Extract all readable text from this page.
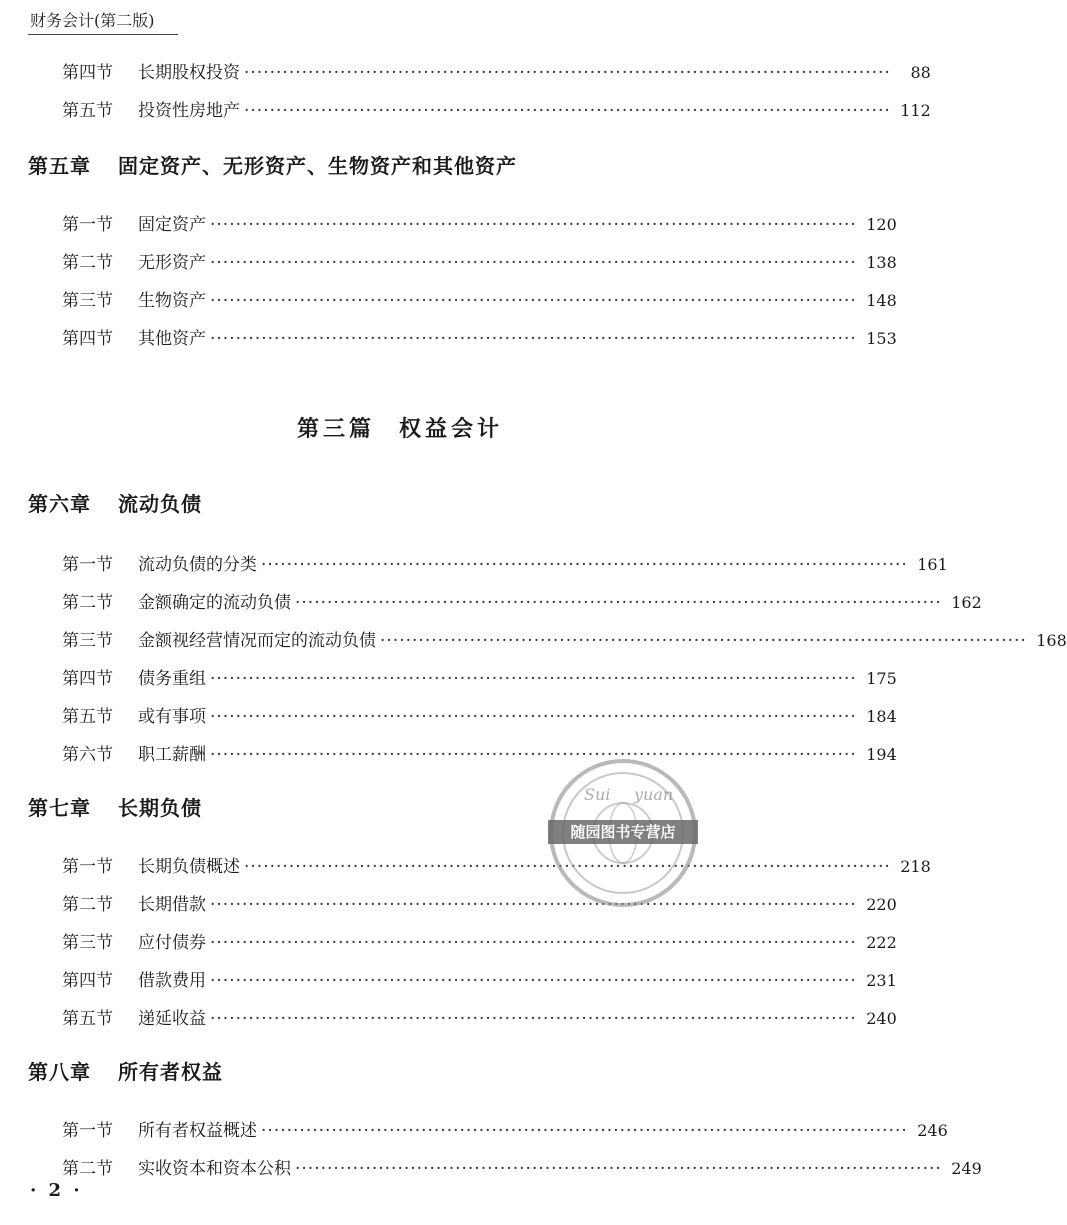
财务会计(第二版)
第四节	长期股权投资 ·····································································································	88
第五节	投资性房地产 ····································································································· 112
第五章 固定资产、无形资产、生物资产和其他资产
第一节	固定资产 ····································································································· 120
第二节	无形资产 ····································································································· 138
第三节	生物资产 ····································································································· 148
第四节	其他资产 ····································································································· 153
第三篇 权益会计
第六章 流动负债
第一节	流动负债的分类 ····································································································· 161
第二节	金额确定的流动负债 ····································································································· 162
第三节	金额视经营情况而定的流动负债 ····································································································· 168
第四节	债务重组 ····································································································· 175
第五节	或有事项 ····································································································· 184
第六节	职工薪酬 ····································································································· 194
第七章 长期负债
第一节	长期负债概述 ····································································································· 218
第二节	长期借款 ····································································································· 220
第三节	应付债券 ····································································································· 222
第四节	借款费用 ····································································································· 231
第五节	递延收益 ····································································································· 240
第八章 所有者权益
第一节	所有者权益概述 ····································································································· 246
第二节	实收资本和资本公积 ····································································································· 249
· 2 ·
Sui yuan
随园图书专营店
